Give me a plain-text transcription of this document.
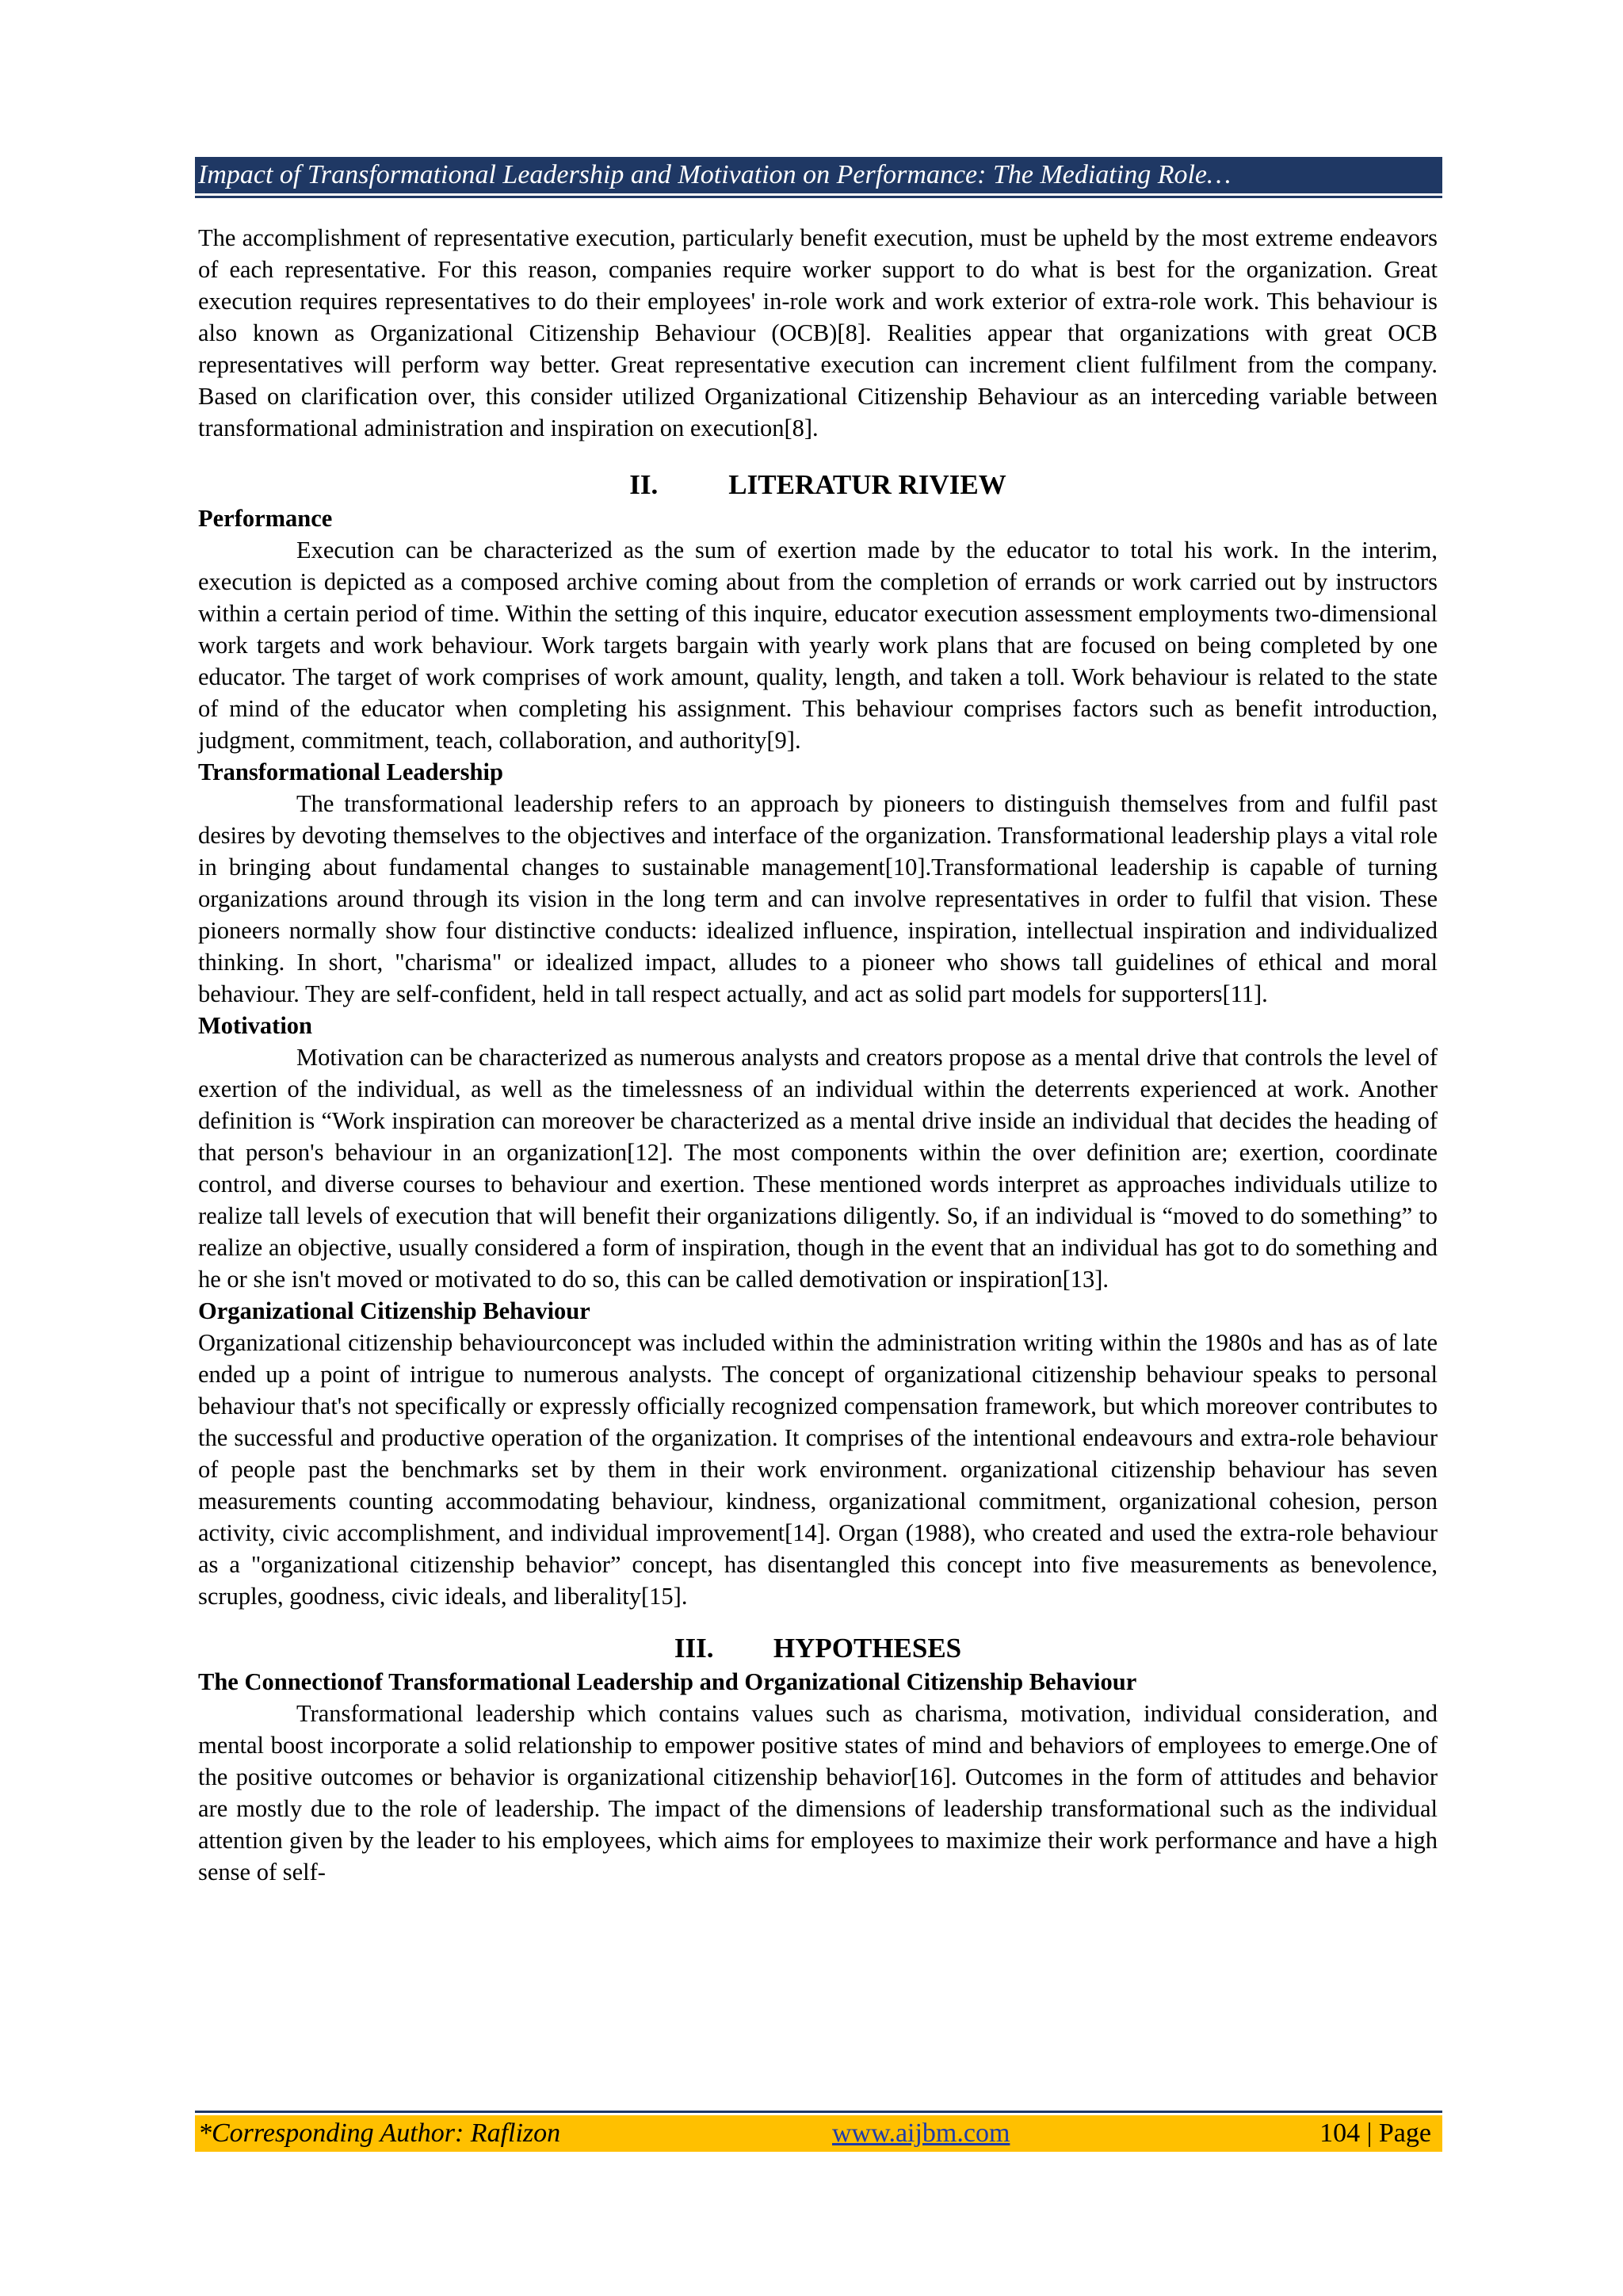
Impact of Transformational Leadership and Motivation on Performance: The Mediating Role…

The accomplishment of representative execution, particularly benefit execution, must be upheld by the most extreme endeavors of each representative. For this reason, companies require worker support to do what is best for the organization. Great execution requires representatives to do their employees' in-role work and work exterior of extra-role work. This behaviour is also known as Organizational Citizenship Behaviour (OCB)[8]. Realities appear that organizations with great OCB representatives will perform way better. Great representative execution can increment client fulfilment from the company. Based on clarification over, this consider utilized Organizational Citizenship Behaviour as an interceding variable between transformational administration and inspiration on execution[8].

II.	LITERATUR RIVIEW
Performance

Execution can be characterized as the sum of exertion made by the educator to total his work. In the interim, execution is depicted as a composed archive coming about from the completion of errands or work carried out by instructors within a certain period of time. Within the setting of this inquire, educator execution assessment employments two-dimensional work targets and work behaviour. Work targets bargain with yearly work plans that are focused on being completed by one educator. The target of work comprises of work amount, quality, length, and taken a toll. Work behaviour is related to the state of mind of the educator when completing his assignment. This behaviour comprises factors such as benefit introduction, judgment, commitment, teach, collaboration, and authority[9].

Transformational Leadership

The transformational leadership refers to an approach by pioneers to distinguish themselves from and fulfil past desires by devoting themselves to the objectives and interface of the organization. Transformational leadership plays a vital role in bringing about fundamental changes to sustainable management[10].Transformational leadership is capable of turning organizations around through its vision in the long term and can involve representatives in order to fulfil that vision. These pioneers normally show four distinctive conducts: idealized influence, inspiration, intellectual inspiration and individualized thinking. In short, "charisma" or idealized impact, alludes to a pioneer who shows tall guidelines of ethical and moral behaviour. They are self-confident, held in tall respect actually, and act as solid part models for supporters[11].

Motivation

Motivation can be characterized as numerous analysts and creators propose as a mental drive that controls the level of exertion of the individual, as well as the timelessness of an individual within the deterrents experienced at work. Another definition is “Work inspiration can moreover be characterized as a mental drive inside an individual that decides the heading of that person's behaviour in an organization[12]. The most components within the over definition are; exertion, coordinate control, and diverse courses to behaviour and exertion. These mentioned words interpret as approaches individuals utilize to realize tall levels of execution that will benefit their organizations diligently. So, if an individual is “moved to do something” to realize an objective, usually considered a form of inspiration, though in the event that an individual has got to do something and he or she isn't moved or motivated to do so, this can be called demotivation or inspiration[13].

Organizational Citizenship Behaviour

Organizational citizenship behaviourconcept was included within the administration writing within the 1980s and has as of late ended up a point of intrigue to numerous analysts. The concept of organizational citizenship behaviour speaks to personal behaviour that's not specifically or expressly officially recognized compensation framework, but which moreover contributes to the successful and productive operation of the organization. It comprises of the intentional endeavours and extra-role behaviour of people past the benchmarks set by them in their work environment. organizational citizenship behaviour has seven measurements counting accommodating behaviour, kindness, organizational commitment, organizational cohesion, person activity, civic accomplishment, and individual improvement[14]. Organ (1988), who created and used the extra-role behaviour as a "organizational citizenship behavior” concept, has disentangled this concept into five measurements as benevolence, scruples, goodness, civic ideals, and liberality[15].

III. HYPOTHESES
The Connectionof Transformational Leadership and Organizational Citizenship Behaviour

Transformational leadership which contains values such as charisma, motivation, individual consideration, and mental boost incorporate a solid relationship to empower positive states of mind and behaviors of employees to emerge.One of the positive outcomes or behavior is organizational citizenship behavior[16]. Outcomes in the form of attitudes and behavior are mostly due to the role of leadership. The impact of the dimensions of leadership transformational such as the individual attention given by the leader to his employees, which aims for employees to maximize their work performance and have a high sense of self-

*Corresponding Author: Raflizon	www.aijbm.com	104 | Page
